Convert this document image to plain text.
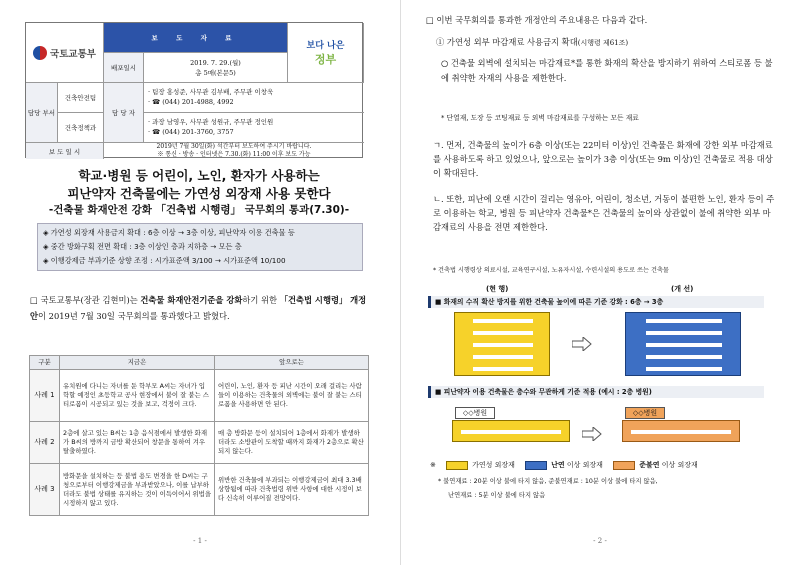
국토교통부
보 도 자 료
보다 나은
정부
배포일시
2019. 7. 29.(월)
총 5매(본문5)
담당 부서
건축안전팀
건축정책과
담 당 자
· 팀장 홍성준, 사무관 김부배, 주무관 이창욱
· ☎ (044) 201-4988, 4992
· 과장 남영우, 사무관 성원규, 주무관 정인원
· ☎ (044) 201-3760, 3757
보 도 일 시
2019년 7월 30일(화) 석간부터 보도하여 주시기 바랍니다.
※ 통신 · 방송 · 인터넷은 7.30.(화) 11:00 이후 보도 가능
학교·병원 등 어린이, 노인, 환자가 사용하는
피난약자 건축물에는 가연성 외장재 사용 못한다
-건축물 화재안전 강화 「건축법 시행령」 국무회의 통과(7.30)-
◈ 가연성 외장재 사용금지 확대 : 6층 이상 → 3층 이상, 피난약자 이용 건축물 등
◈ 중간 방화구획 전면 확대 : 3층 이상인 층과 지하층 → 모든 층
◈ 이행강제금 부과기준 상향 조정 : 시가표준액 3/100 → 시가표준액 10/100
□ 국토교통부(장관 김현미)는 건축물 화재안전기준을 강화하기 위한 「건축법 시행령」 개정안이 2019년 7월 30일 국무회의를 통과했다고 밝혔다.
구분	지금은	앞으로는
사례 1	유치원에 다니는 자녀를 둔 학부모 A씨는 자녀가 입학할 예정인 초등학교 공사 현장에서 불이 잘 붙는 스티로폼이 시공되고 있는 것을 보고, 걱정이 크다.	어린이, 노인, 환자 등 피난 시간이 오래 걸리는 사람들이 이용하는 건축물의 외벽에는 불이 잘 붙는 스티로폼을 사용하면 안 된다.
사례 2	2층에 살고 있는 B씨는 1층 음식점에서 발생한 화재가 B씨의 방까지 금방 확산되어 창문을 통하여 겨우 탈출하였다.	매 층 방화문 등이 설치되어 1층에서 화재가 발생하더라도 소방관이 도착할 때까지 화재가 2층으로 확산되지 않는다.
사례 3	방화문을 설치하는 등 불법 용도 변경을 한 D씨는 구청으로부터 이행강제금을 부과받았으나, 이를 납부하더라도 불법 상태를 유지하는 것이 이득이어서 위법을 시정하지 않고 있다.	위반한 건축물에 부과되는 이행강제금이 최대 3.3배 상향됨에 따라 건축법령 위반 사항에 대한 시정이 보다 신속히 이루어질 전망이다.
- 1 -
□ 이번 국무회의를 통과한 개정안의 주요내용은 다음과 같다.
① 가연성 외부 마감재료 사용금지 확대(시행령 제61조)
○ 건축물 외벽에 설치되는 마감재료*를 통한 화재의 확산을 방지하기 위하여 스티로폼 등 불에 취약한 자재의 사용을 제한한다.
* 단열재, 도장 등 코팅재료 등 외벽 마감재료를 구성하는 모든 재료
ㄱ. 먼저, 건축물의 높이가 6층 이상(또는 22미터 이상)인 건축물은 화재에 강한 외부 마감재료를 사용하도록 하고 있었으나, 앞으로는 높이가 3층 이상(또는 9m 이상)인 건축물로 적용 대상이 확대된다.
ㄴ. 또한, 피난에 오랜 시간이 걸리는 영유아, 어린이, 청소년, 거동이 불편한 노인, 환자 등이 주로 이용하는 학교, 병원 등 피난약자 건축물*은 건축물의 높이와 상관없이 불에 취약한 외부 마감재료의 사용을 전면 제한한다.
* 건축법 시행령상 의료시설, 교육연구시설, 노유자시설, 수련시설의 용도로 쓰는 건축물
(현 행)	(개 선)
■ 화재의 수직 확산 방지를 위한 건축물 높이에 따른 기준 강화 : 6층 → 3층
■ 피난약자 이용 건축물은 층수와 무관하게 기준 적용 (예시 : 2층 병원)
◇◇병원	◇◇병원
※	가연성 외장재	난연 이상 외장재	준불연 이상 외장재
* 불연재료 : 20분 이상 불에 타지 않음, 준불연재료 : 10분 이상 불에 타지 않음,
난연재료 : 5분 이상 불에 타지 않음
- 2 -
